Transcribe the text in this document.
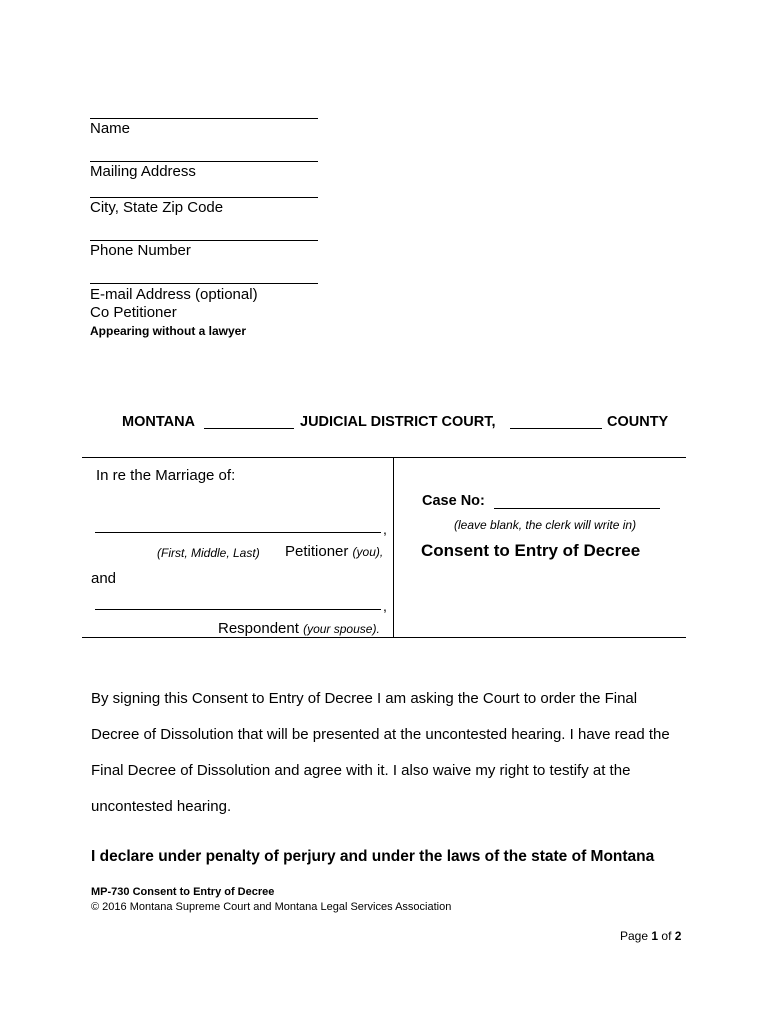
Name
Mailing Address
City, State Zip Code
Phone Number
E-mail Address (optional)
Co Petitioner
Appearing without a lawyer
MONTANA	JUDICIAL DISTRICT COURT,	COUNTY
In re the Marriage of:
,
(First, Middle, Last) Petitioner (you),
and
,
Respondent (your spouse).
Case No:
(leave blank, the clerk will write in)
Consent to Entry of Decree
By signing this Consent to Entry of Decree I am asking the Court to order the Final
Decree of Dissolution that will be presented at the uncontested hearing. I have read the
Final Decree of Dissolution and agree with it. I also waive my right to testify at the
uncontested hearing.
I declare under penalty of perjury and under the laws of the state of Montana
MP-730 Consent to Entry of Decree
© 2016 Montana Supreme Court and Montana Legal Services Association
Page 1 of 2
